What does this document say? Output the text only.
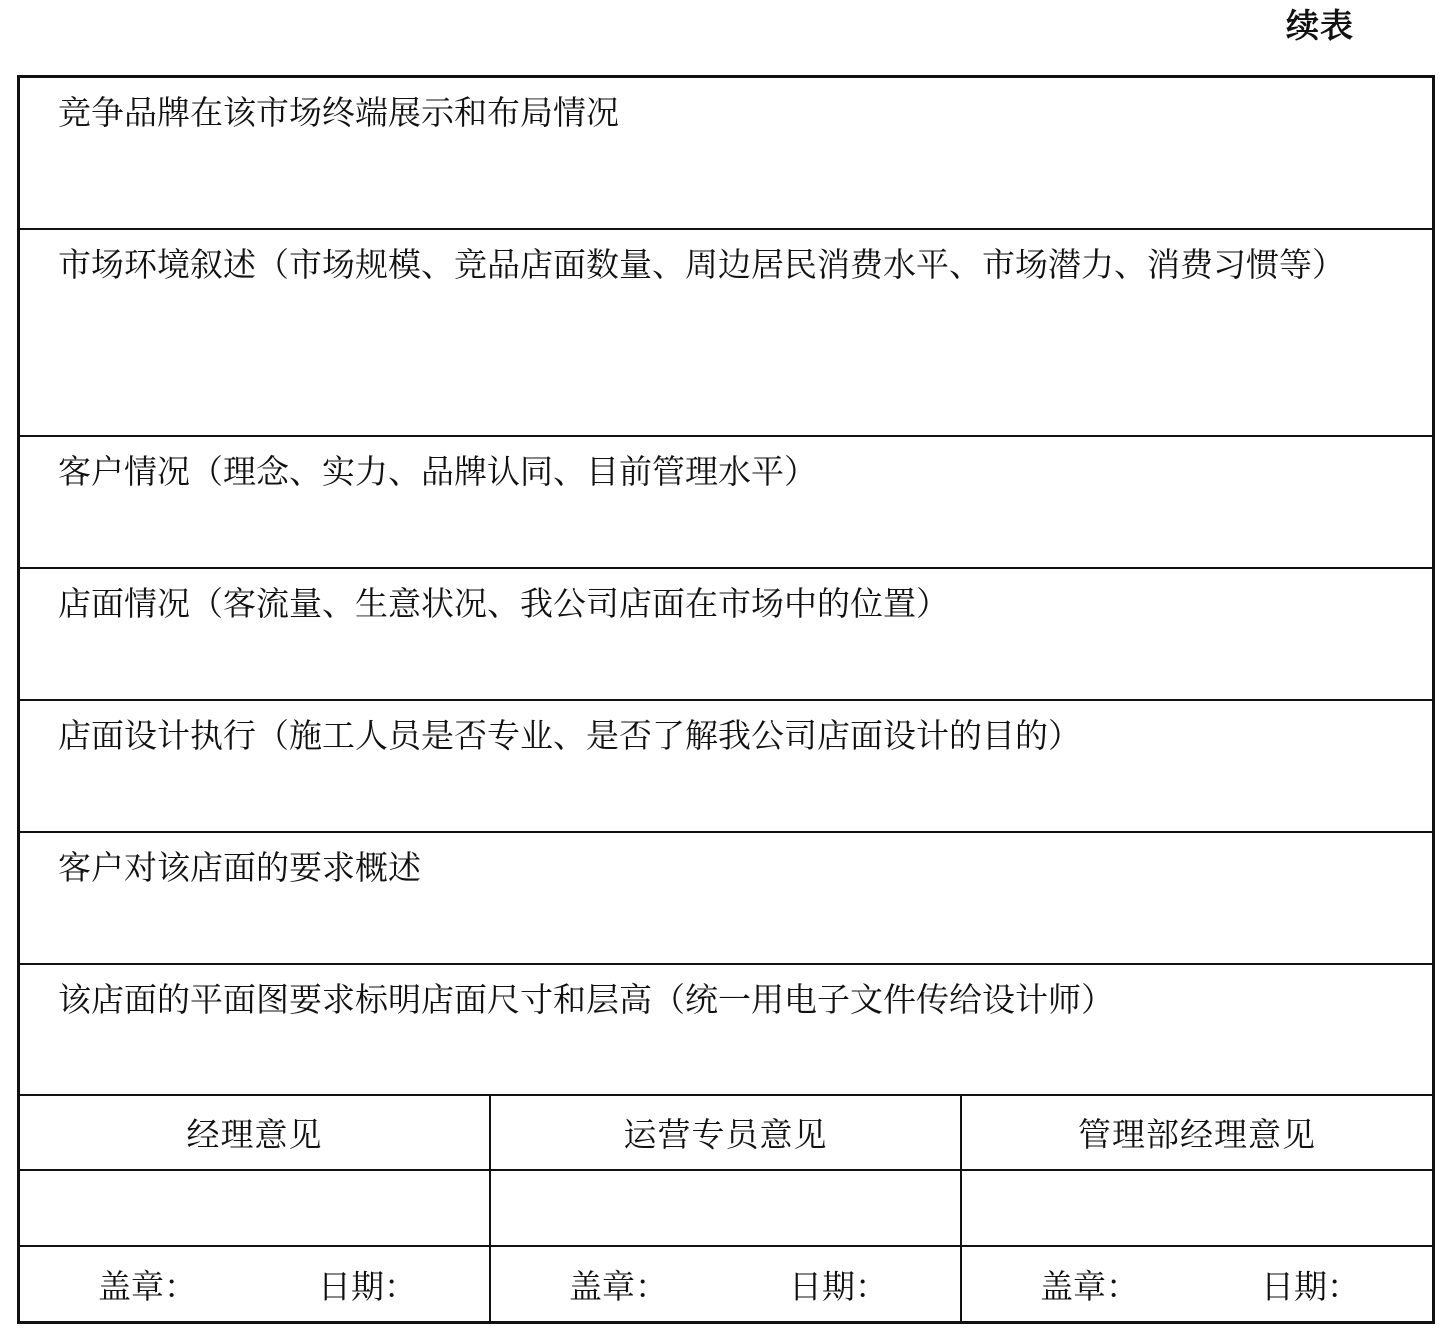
续表
竞争品牌在该市场终端展示和布局情况
市场环境叙述（市场规模、竞品店面数量、周边居民消费水平、市场潜力、消费习惯等）
客户情况（理念、实力、品牌认同、目前管理水平）
店面情况（客流量、生意状况、我公司店面在市场中的位置）
店面设计执行（施工人员是否专业、是否了解我公司店面设计的目的）
客户对该店面的要求概述
该店面的平面图要求标明店面尺寸和层高（统一用电子文件传给设计师）
经理意见	运营专员意见	管理部经理意见
盖章：	日期：	盖章：	日期：	盖章：	日期：
